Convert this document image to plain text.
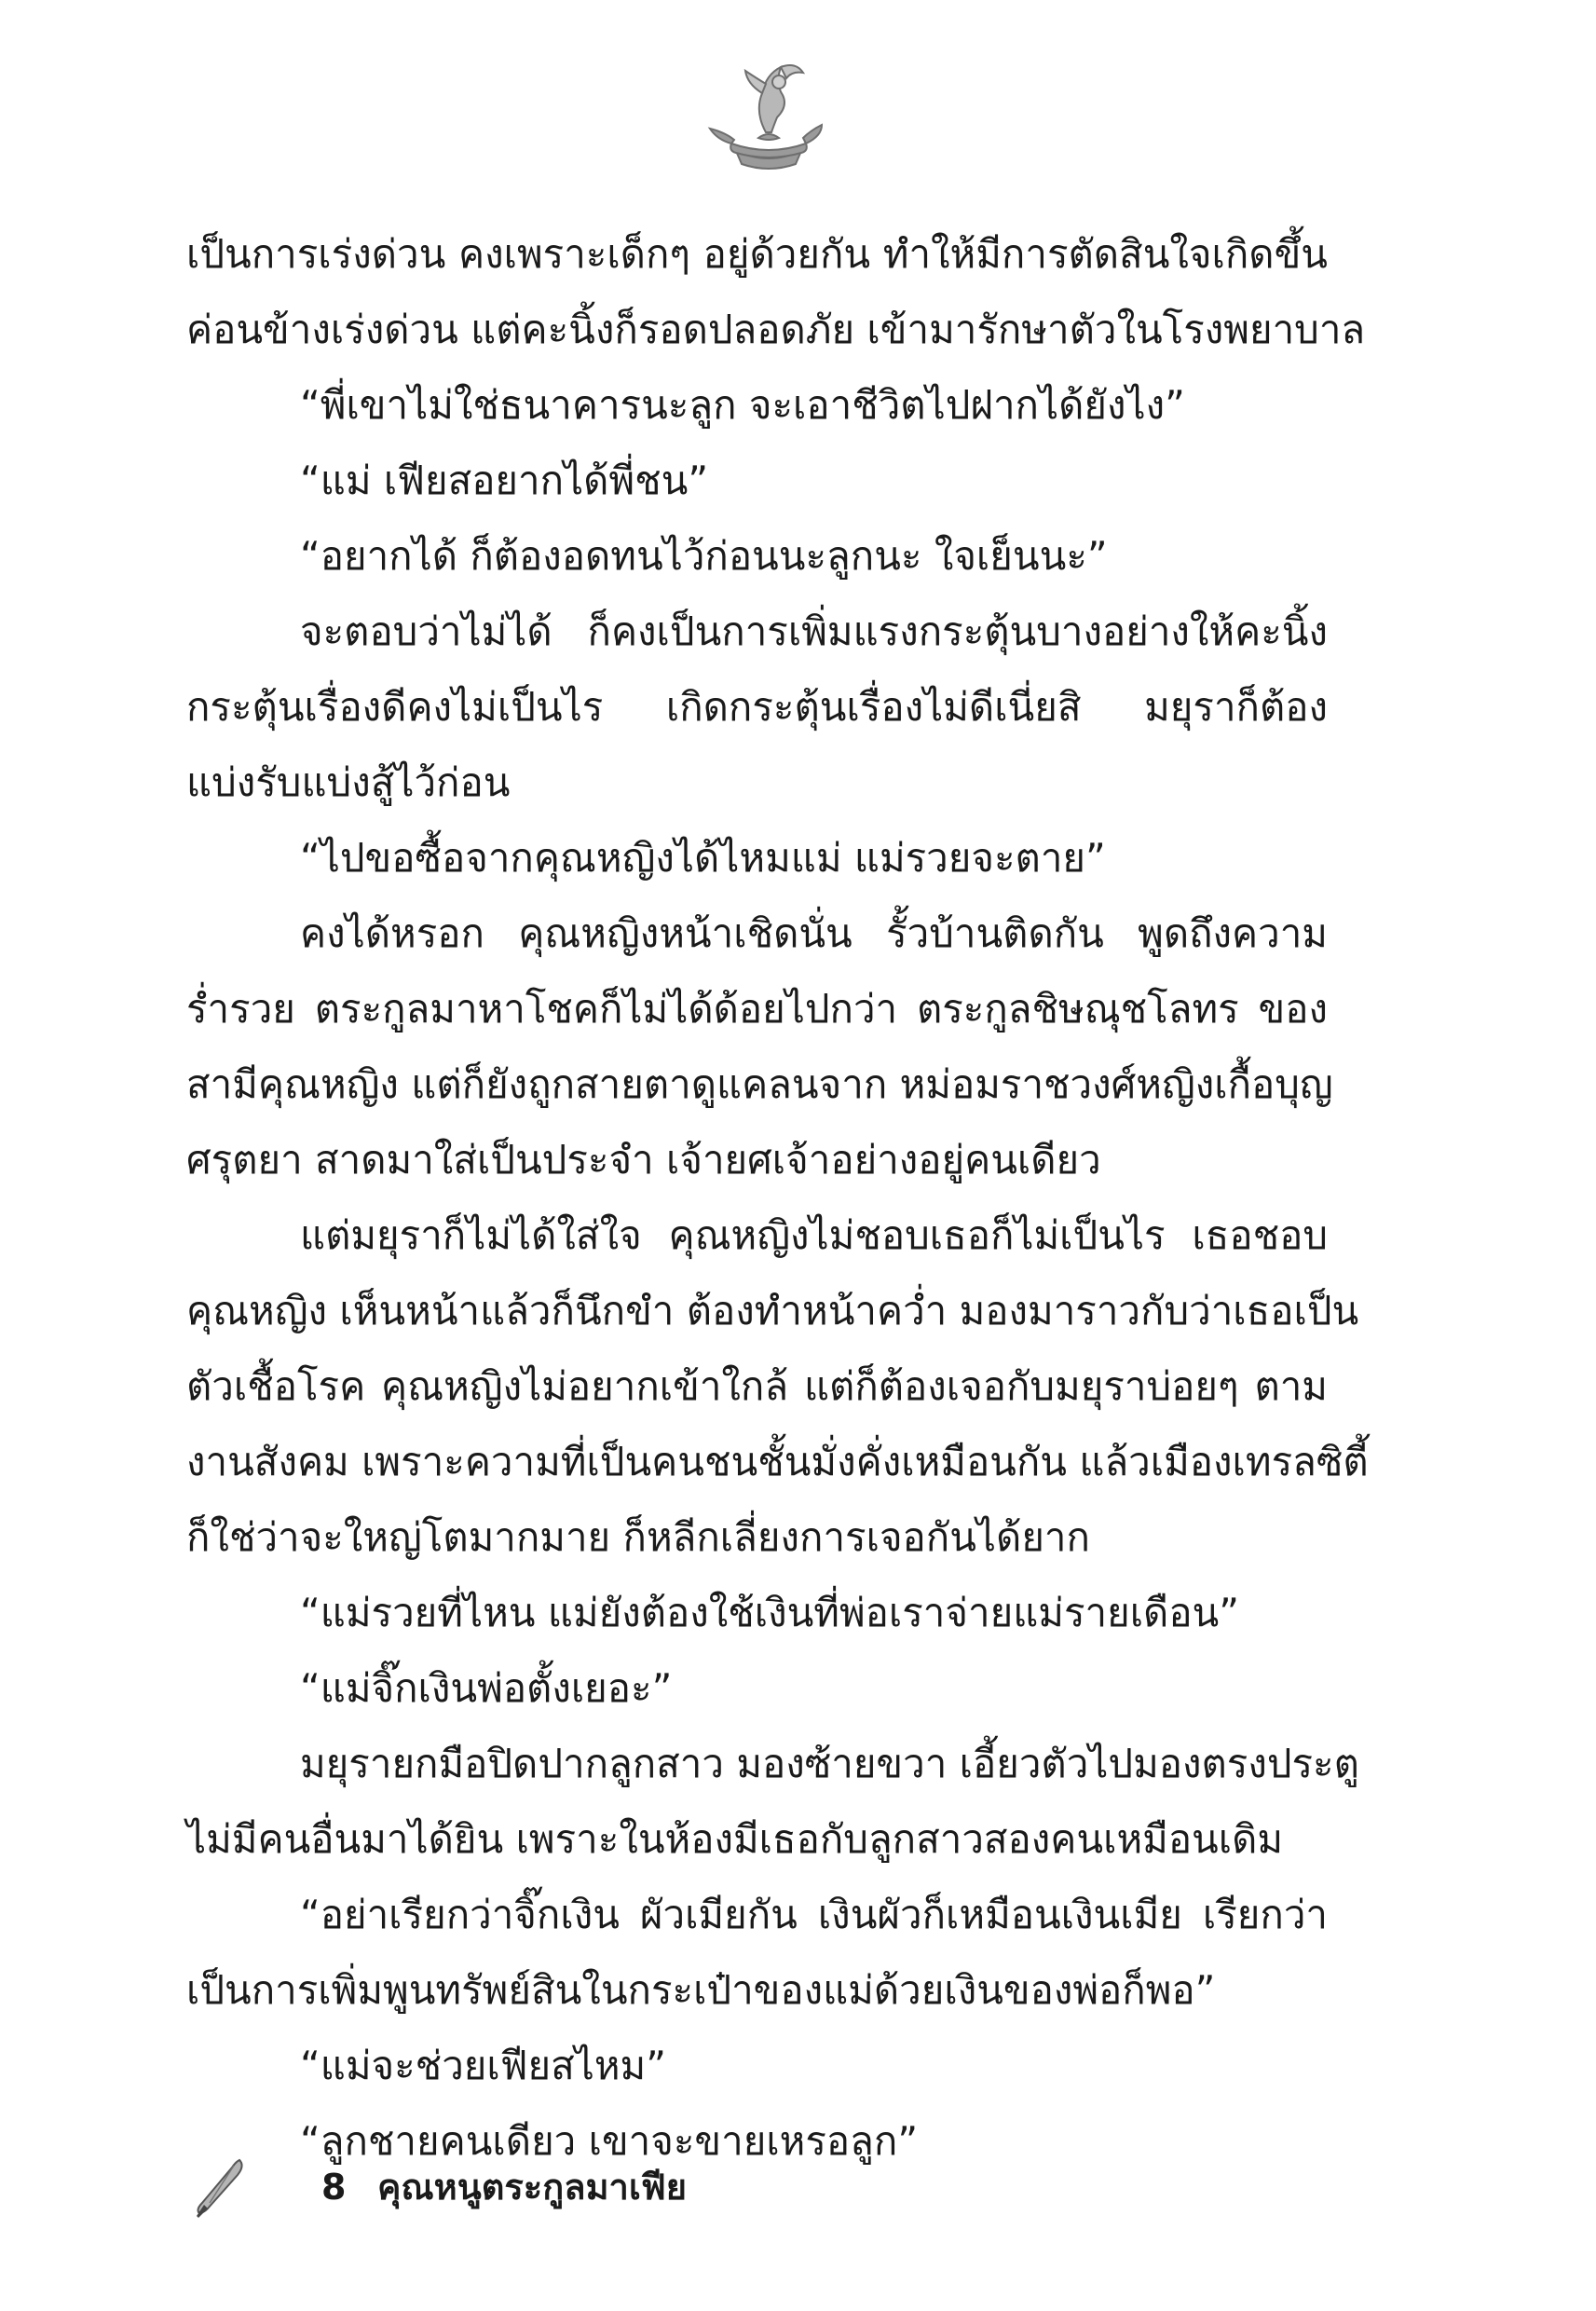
เป็นการเร่งด่วน คงเพราะเด็กๆ อยู่ด้วยกัน ทำให้มีการตัดสินใจเกิดขึ้น
ค่อนข้างเร่งด่วน แต่คะนิ้งก็รอดปลอดภัย เข้ามารักษาตัวในโรงพยาบาล
“พี่เขาไม่ใช่ธนาคารนะลูก จะเอาชีวิตไปฝากได้ยังไง”
“แม่ เฟียสอยากได้พี่ชน”
“อยากได้ ก็ต้องอดทนไว้ก่อนนะลูกนะ ใจเย็นนะ”
จะตอบว่าไม่ได้ ก็คงเป็นการเพิ่มแรงกระตุ้นบางอย่างให้คะนิ้ง
กระตุ้นเรื่องดีคงไม่เป็นไร เกิดกระตุ้นเรื่องไม่ดีเนี่ยสิ มยุราก็ต้อง
แบ่งรับแบ่งสู้ไว้ก่อน
“ไปขอซื้อจากคุณหญิงได้ไหมแม่ แม่รวยจะตาย”
คงได้หรอก คุณหญิงหน้าเชิดนั่น รั้วบ้านติดกัน พูดถึงความ
ร่ำรวย ตระกูลมาหาโชคก็ไม่ได้ด้อยไปกว่า ตระกูลชิษณุชโลทร ของ
สามีคุณหญิง แต่ก็ยังถูกสายตาดูแคลนจาก หม่อมราชวงศ์หญิงเกื้อบุญ
ศรุตยา สาดมาใส่เป็นประจำ เจ้ายศเจ้าอย่างอยู่คนเดียว
แต่มยุราก็ไม่ได้ใส่ใจ คุณหญิงไม่ชอบเธอก็ไม่เป็นไร เธอชอบ
คุณหญิง เห็นหน้าแล้วก็นึกขำ ต้องทำหน้าคว่ำ มองมาราวกับว่าเธอเป็น
ตัวเชื้อโรค คุณหญิงไม่อยากเข้าใกล้ แต่ก็ต้องเจอกับมยุราบ่อยๆ ตาม
งานสังคม เพราะความที่เป็นคนชนชั้นมั่งคั่งเหมือนกัน แล้วเมืองเทรลซิตี้
ก็ใช่ว่าจะใหญ่โตมากมาย ก็หลีกเลี่ยงการเจอกันได้ยาก
“แม่รวยที่ไหน แม่ยังต้องใช้เงินที่พ่อเราจ่ายแม่รายเดือน”
“แม่จิ๊กเงินพ่อตั้งเยอะ”
มยุรายกมือปิดปากลูกสาว มองซ้ายขวา เอี้ยวตัวไปมองตรงประตู
ไม่มีคนอื่นมาได้ยิน เพราะในห้องมีเธอกับลูกสาวสองคนเหมือนเดิม
“อย่าเรียกว่าจิ๊กเงิน ผัวเมียกัน เงินผัวก็เหมือนเงินเมีย เรียกว่า
เป็นการเพิ่มพูนทรัพย์สินในกระเป๋าของแม่ด้วยเงินของพ่อก็พอ”
“แม่จะช่วยเฟียสไหม”
“ลูกชายคนเดียว เขาจะขายเหรอลูก”
8 คุณหนูตระกูลมาเฟีย
